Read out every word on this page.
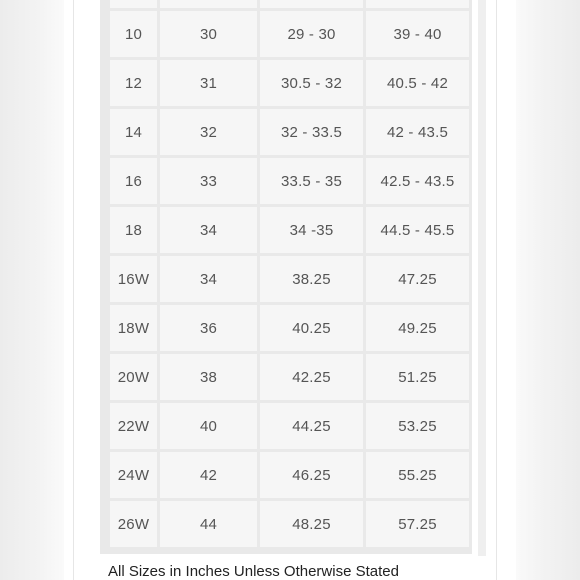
10	30	29 - 30	39 - 40
12	31	30.5 - 32	40.5 - 42
14	32	32 - 33.5	42 - 43.5
16	33	33.5 - 35	42.5 - 43.5
18	34	34 -35	44.5 - 45.5
16W	34	38.25	47.25
18W	36	40.25	49.25
20W	38	42.25	51.25
22W	40	44.25	53.25
24W	42	46.25	55.25
26W	44	48.25	57.25
All Sizes in Inches Unless Otherwise Stated
